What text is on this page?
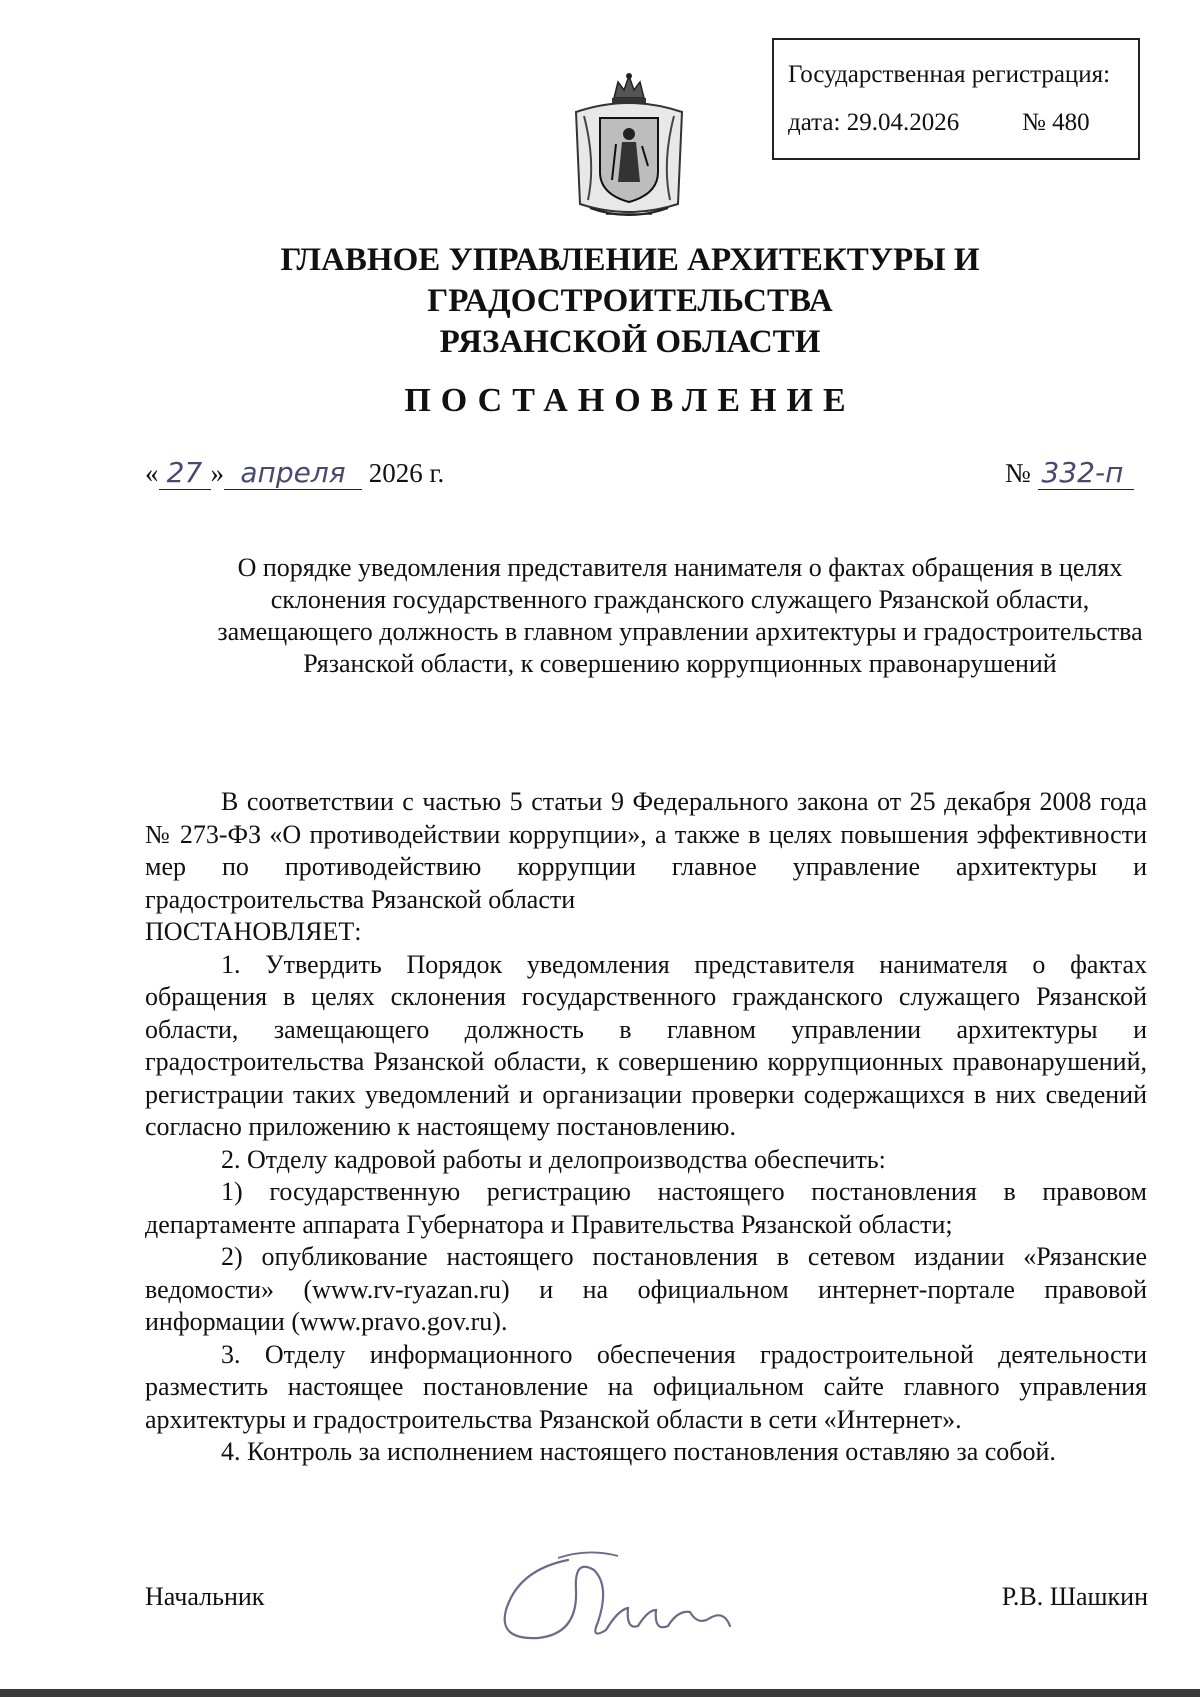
Государственная регистрация:
дата: 29.04.2026	№ 480
ГЛАВНОЕ УПРАВЛЕНИЕ АРХИТЕКТУРЫ И ГРАДОСТРОИТЕЛЬСТВА
РЯЗАНСКОЙ ОБЛАСТИ
ПОСТАНОВЛЕНИЕ
« 27 » апреля 2026 г.	№ 332-п
О порядке уведомления представителя нанимателя о фактах обращения в целях склонения государственного гражданского служащего Рязанской области, замещающего должность в главном управлении архитектуры и градостроительства Рязанской области, к совершению коррупционных правонарушений

В соответствии с частью 5 статьи 9 Федерального закона от 25 декабря 2008 года № 273-ФЗ «О противодействии коррупции», а также в целях повышения эффективности мер по противодействию коррупции главное управление архитектуры и градостроительства Рязанской области

ПОСТАНОВЛЯЕТ:

1. Утвердить Порядок уведомления представителя нанимателя о фактах обращения в целях склонения государственного гражданского служащего Рязанской области, замещающего должность в главном управлении архитектуры и градостроительства Рязанской области, к совершению коррупционных правонарушений, регистрации таких уведомлений и организации проверки содержащихся в них сведений согласно приложению к настоящему постановлению.

2. Отделу кадровой работы и делопроизводства обеспечить:

1) государственную регистрацию настоящего постановления в правовом департаменте аппарата Губернатора и Правительства Рязанской области;

2) опубликование настоящего постановления в сетевом издании «Рязанские ведомости» (www.rv-ryazan.ru) и на официальном интернет-портале правовой информации (www.pravo.gov.ru).

3. Отделу информационного обеспечения градостроительной деятельности разместить настоящее постановление на официальном сайте главного управления архитектуры и градостроительства Рязанской области в сети «Интернет».

4. Контроль за исполнением настоящего постановления оставляю за собой.

Начальник	Р.В. Шашкин
